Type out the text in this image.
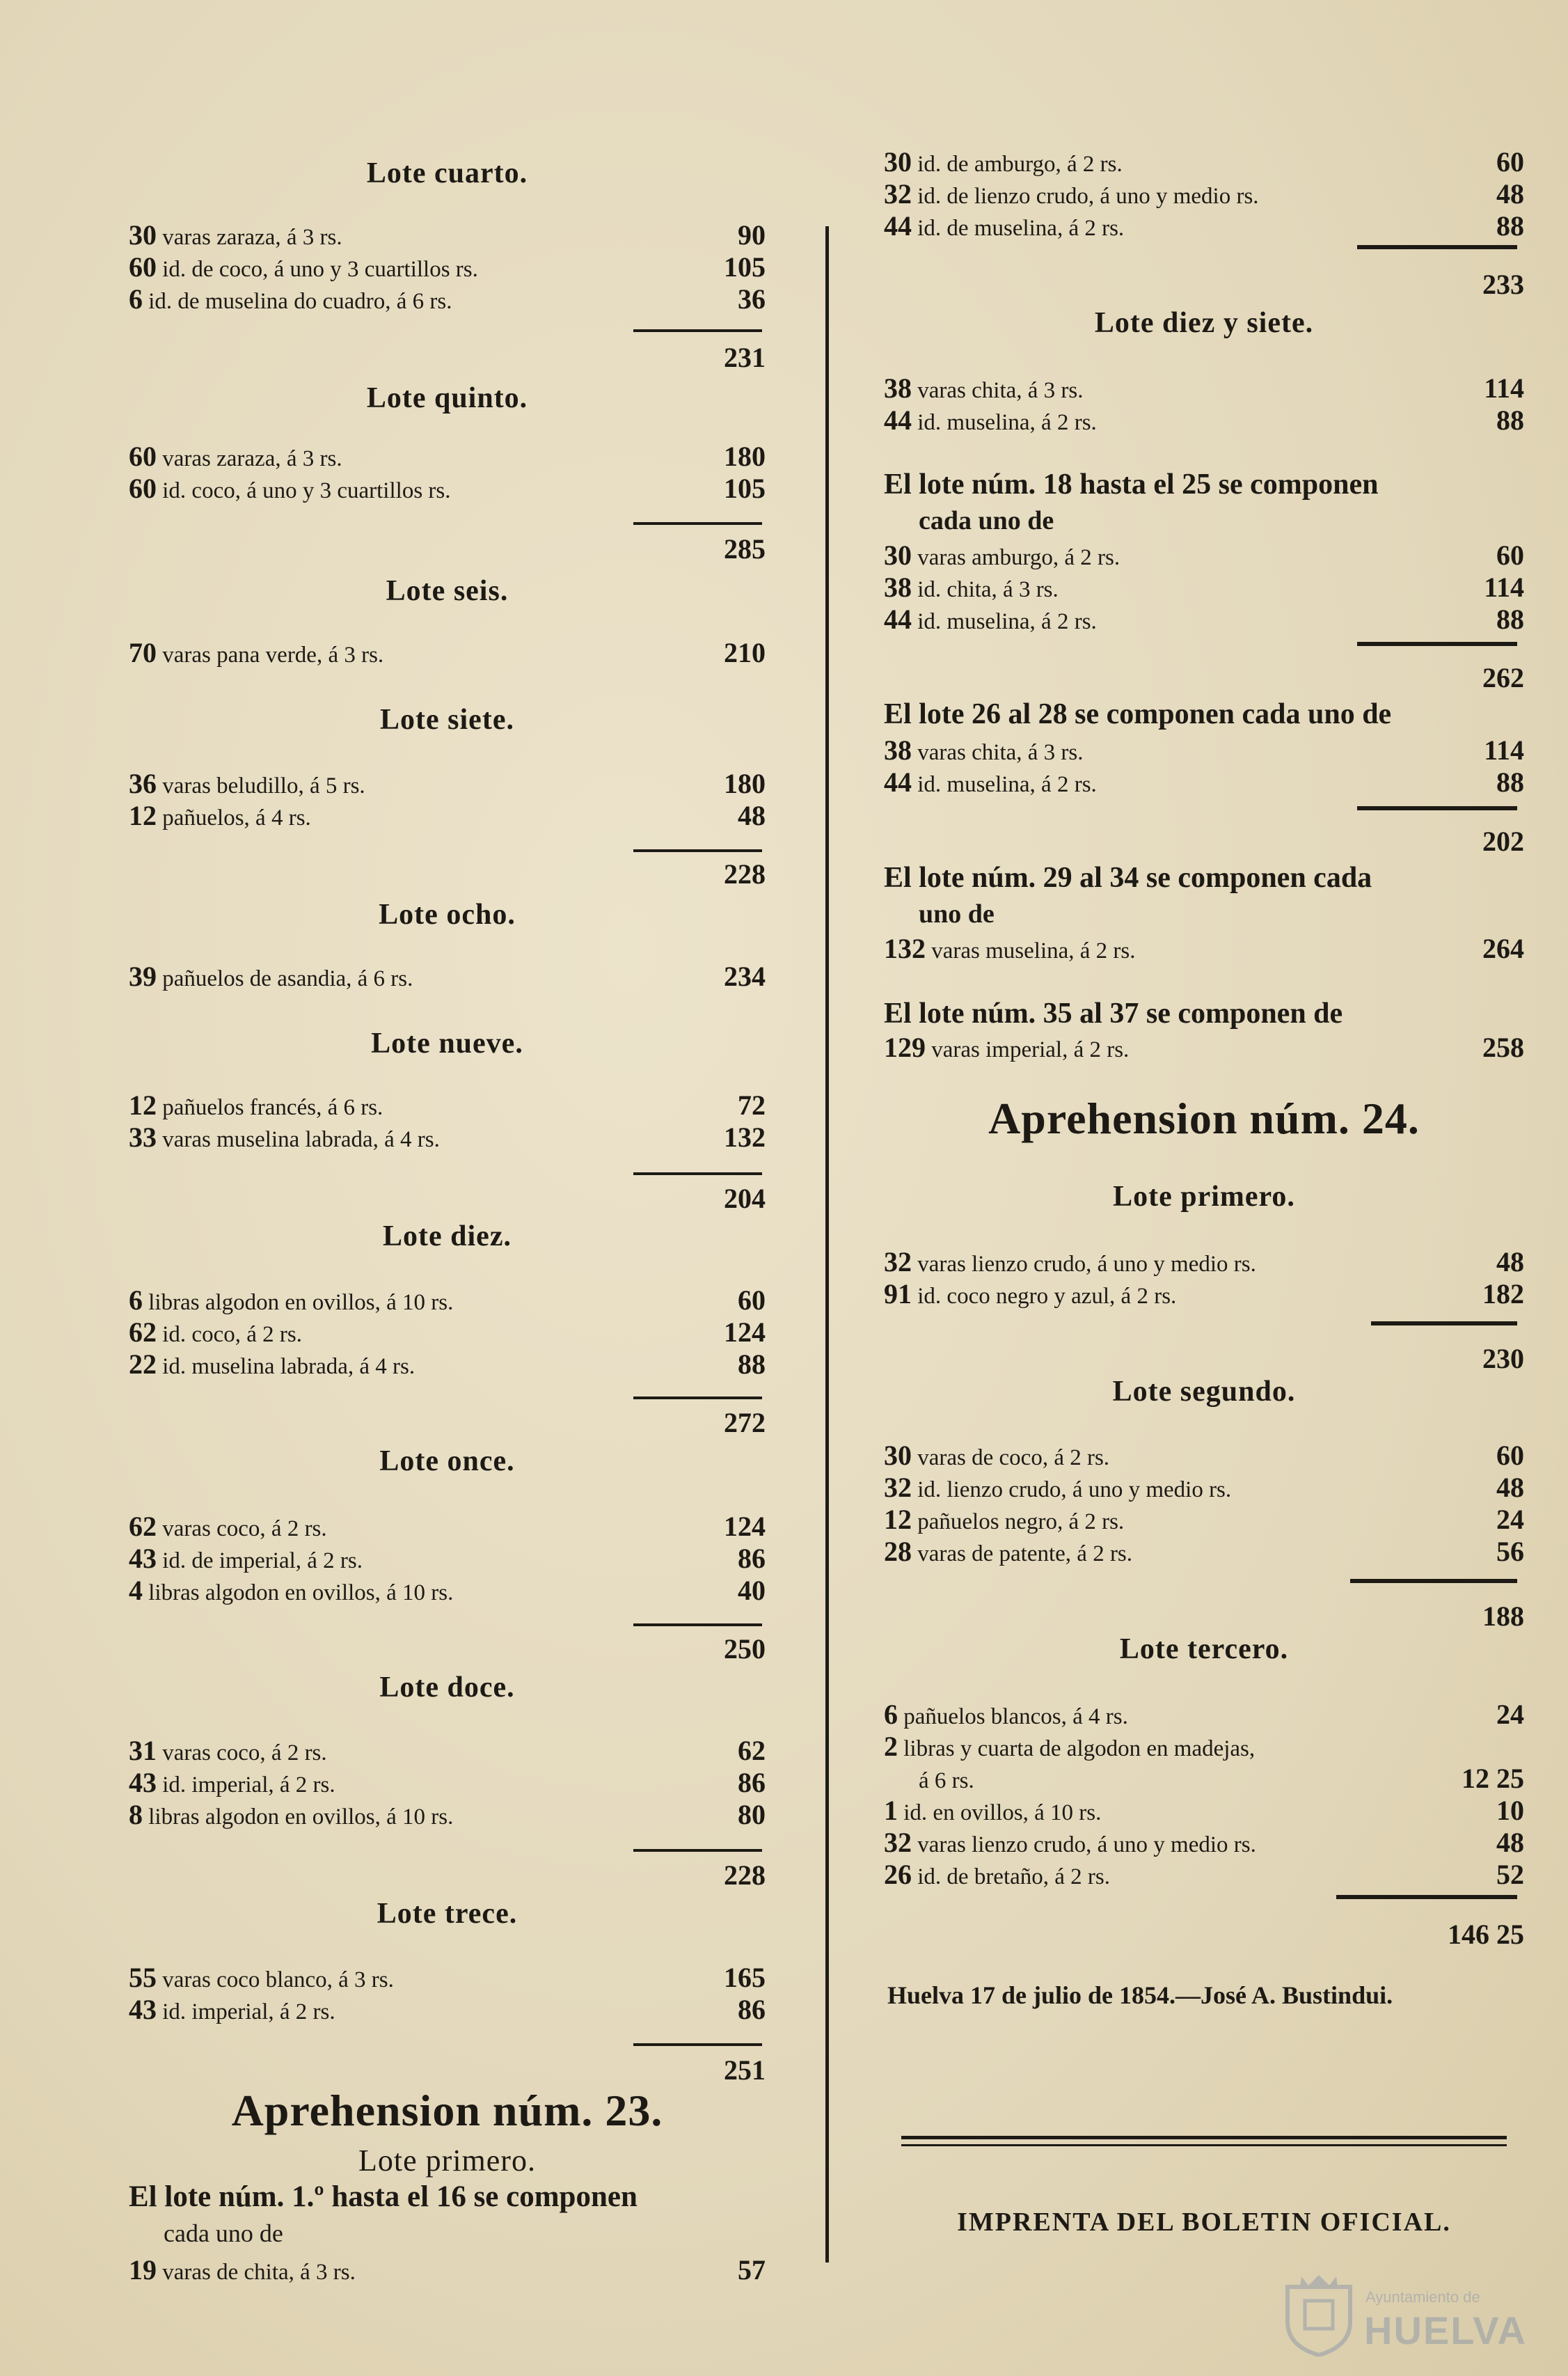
Lote cuarto.
30 varas zaraza, á 3 rs.	90
60 id. de coco, á uno y 3 cuartillos rs.	105
6 id. de muselina do cuadro, á 6 rs.	36
231
Lote quinto.
60 varas zaraza, á 3 rs.	180
60 id. coco, á uno y 3 cuartillos rs.	105
285
Lote seis.
70 varas pana verde, á 3 rs.	210
Lote siete.
36 varas beludillo, á 5 rs.	180
12 pañuelos, á 4 rs.	48
228
Lote ocho.
39 pañuelos de asandia, á 6 rs.	234
Lote nueve.
12 pañuelos francés, á 6 rs.	72
33 varas muselina labrada, á 4 rs.	132
204
Lote diez.
6 libras algodon en ovillos, á 10 rs.	60
62 id. coco, á 2 rs.	124
22 id. muselina labrada, á 4 rs.	88
272
Lote once.
62 varas coco, á 2 rs.	124
43 id. de imperial, á 2 rs.	86
4 libras algodon en ovillos, á 10 rs.	40
250
Lote doce.
31 varas coco, á 2 rs.	62
43 id. imperial, á 2 rs.	86
8 libras algodon en ovillos, á 10 rs.	80
228
Lote trece.
55 varas coco blanco, á 3 rs.	165
43 id. imperial, á 2 rs.	86
251
Aprehension núm. 23.
Lote primero.
El lote núm. 1.º hasta el 16 se componen
cada uno de
19 varas de chita, á 3 rs.	57
30 id. de amburgo, á 2 rs.	60
32 id. de lienzo crudo, á uno y medio rs.	48
44 id. de muselina, á 2 rs.	88
233
Lote diez y siete.
38 varas chita, á 3 rs.	114
44 id. muselina, á 2 rs.	88
El lote núm. 18 hasta el 25 se componen
cada uno de
30 varas amburgo, á 2 rs.	60
38 id. chita, á 3 rs.	114
44 id. muselina, á 2 rs.	88
262
El lote 26 al 28 se componen cada uno de
38 varas chita, á 3 rs.	114
44 id. muselina, á 2 rs.	88
202
El lote núm. 29 al 34 se componen cada
uno de
132 varas muselina, á 2 rs.	264
El lote núm. 35 al 37 se componen de
129 varas imperial, á 2 rs.	258
Aprehension núm. 24.
Lote primero.
32 varas lienzo crudo, á uno y medio rs.	48
91 id. coco negro y azul, á 2 rs.	182
230
Lote segundo.
30 varas de coco, á 2 rs.	60
32 id. lienzo crudo, á uno y medio rs.	48
12 pañuelos negro, á 2 rs.	24
28 varas de patente, á 2 rs.	56
188
Lote tercero.
6 pañuelos blancos, á 4 rs.	24
2 libras y cuarta de algodon en madejas,
á 6 rs.	12 25
1 id. en ovillos, á 10 rs.	10
32 varas lienzo crudo, á uno y medio rs.	48
26 id. de bretaño, á 2 rs.	52
146 25
Huelva 17 de julio de 1854.—José A. Bustindui.
IMPRENTA DEL BOLETIN OFICIAL.
Ayuntamiento de
HUELVA
